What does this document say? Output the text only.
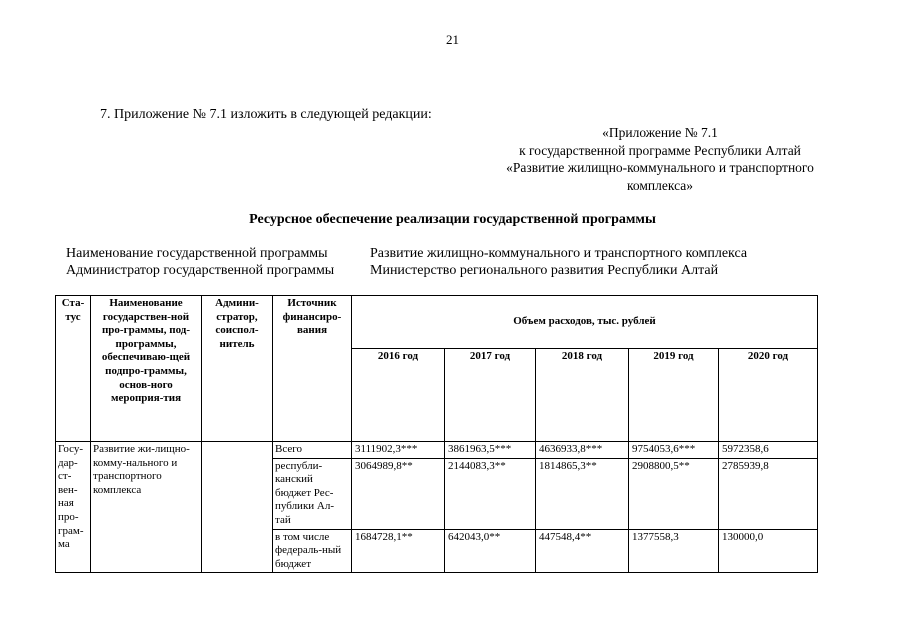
21
7. Приложение № 7.1 изложить в следующей редакции:
«Приложение № 7.1
к государственной программе Республики Алтай
«Развитие жилищно-коммунального и транспортного
комплекса»
Ресурсное обеспечение реализации государственной программы
Наименование государственной программы	Развитие жилищно-коммунального и транспортного комплекса
Администратор государственной программы	Министерство регионального развития Республики Алтай
Ста-тус	Наименование государствен-ной про-граммы, под-программы, обеспечиваю-щей подпро-граммы, основ-ного мероприя-тия	Админи-стратор, соиспол-нитель	Источник финансиро-вания	Объем расходов, тыс. рублей				
				2016 год	2017 год	2018 год	2019 год	2020 год
Госу-дар-ст-вен-ная про-грам-ма	Развитие жи-лищно-комму-нального и транспортного комплекса		Всего	3111902,3***	3861963,5***	4636933,8***	9754053,6***	5972358,6
			республи-канский бюджет Рес-публики Ал-тай	3064989,8**	2144083,3**	1814865,3**	2908800,5**	2785939,8
			в том числе федераль-ный бюджет	1684728,1**	642043,0**	447548,4**	1377558,3	130000,0
